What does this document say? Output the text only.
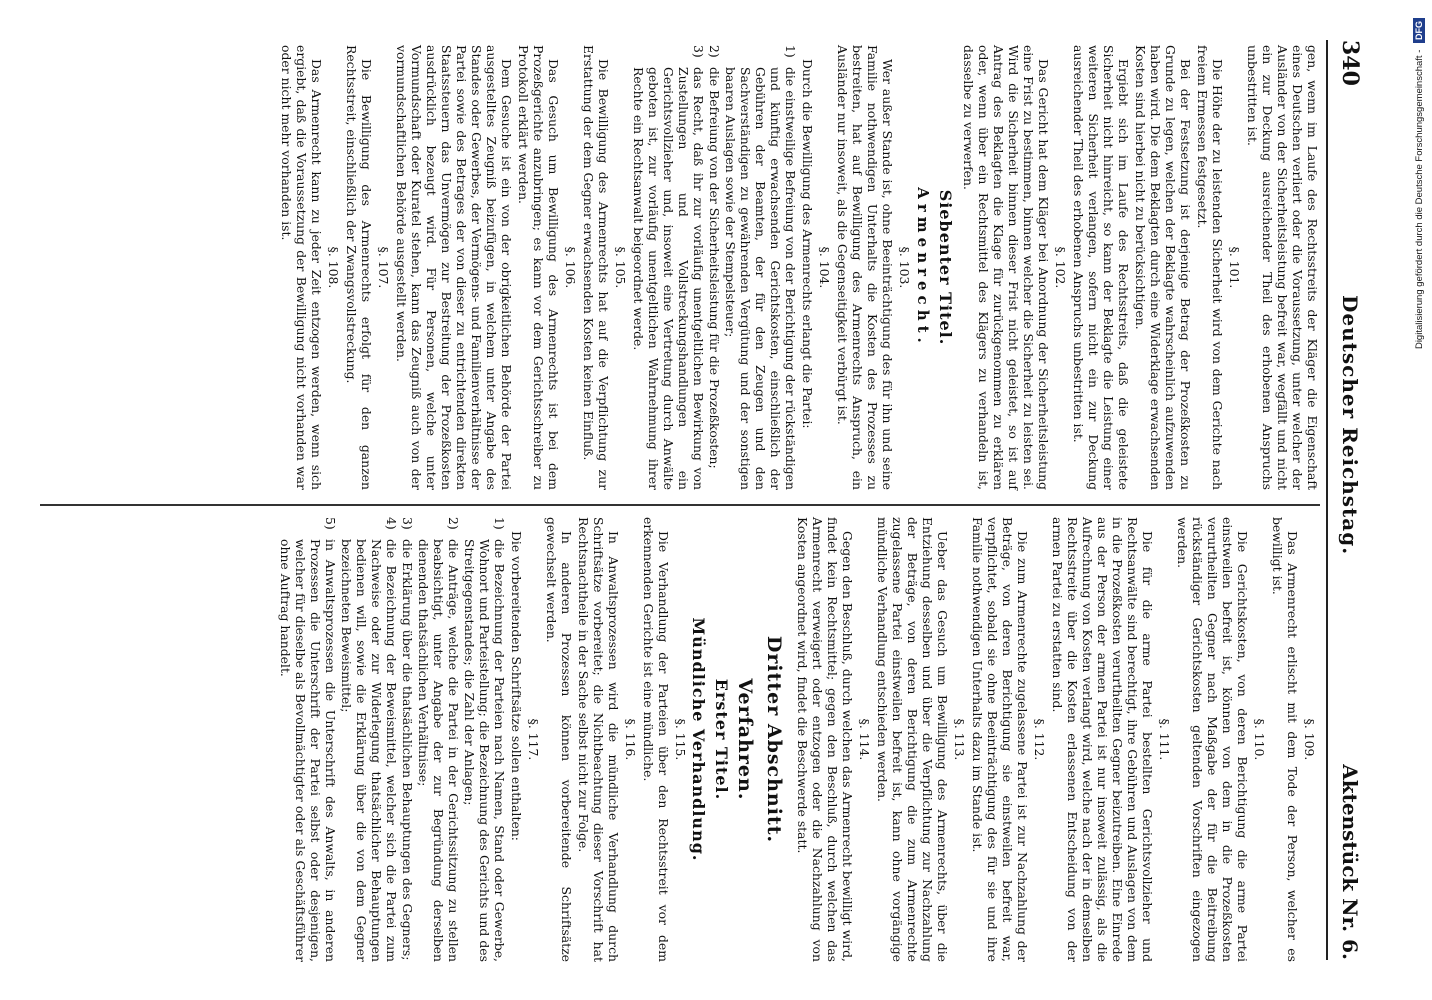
340
Deutscher Reichstag.
Aktenstück Nr. 6.

gen, wenn im Laufe des Rechtsstreits der Kläger die Eigenschaft eines Deutschen verliert oder die Voraussetzung, unter welcher der Ausländer von der Sicherheitsleistung befreit war, wegfällt und nicht ein zur Deckung ausreichender Theil des erhobenen Anspruchs unbestritten ist.

§. 101.

Die Höhe der zu leistenden Sicherheit wird von dem Gerichte nach freiem Ermessen festgesetzt.

Bei der Festsetzung ist derjenige Betrag der Prozeßkosten zu Grunde zu legen, welchen der Beklagte wahrscheinlich aufzuwenden haben wird. Die dem Beklagten durch eine Widerklage erwachsenden Kosten sind hierbei nicht zu berücksichtigen.

Ergiebt sich im Laufe des Rechtsstreits, daß die geleistete Sicherheit nicht hinreicht, so kann der Beklagte die Leistung einer weiteren Sicherheit verlangen, sofern nicht ein zur Deckung ausreichender Theil des erhobenen Anspruchs unbestritten ist.

§. 102.

Das Gericht hat dem Kläger bei Anordnung der Sicherheitsleistung eine Frist zu bestimmen, binnen welcher die Sicherheit zu leisten sei. Wird die Sicherheit binnen dieser Frist nicht geleistet, so ist auf Antrag des Beklagten die Klage für zurückgenommen zu erklären oder, wenn über ein Rechtsmittel des Klägers zu verhandeln ist, dasselbe zu verwerfen.

Siebenter Titel.
Armenrecht.
§. 103.

Wer außer Stande ist, ohne Beeinträchtigung des für ihn und seine Familie nothwendigen Unterhalts die Kosten des Prozesses zu bestreiten, hat auf Bewilligung des Armenrechts Anspruch, ein Ausländer nur insoweit, als die Gegenseitigkeit verbürgt ist.

§. 104.

Durch die Bewilligung des Armenrechts erlangt die Partei:

1)
die einstweilige Befreiung von der Berichtigung der rückständigen und künftig erwachsenden Gerichtskosten, einschließlich der Gebühren der Beamten, der für den Zeugen und den Sachverständigen zu gewährenden Vergütung und der sonstigen baaren Auslagen sowie der Stempelsteuer;
2)
die Befreiung von der Sicherheitsleistung für die Prozeßkosten;
3)
das Recht, daß ihr zur vorläufig unentgeltlichen Bewirkung von Zustellungen und Vollstreckungshandlungen ein Gerichtsvollzieher und, insoweit eine Vertretung durch Anwälte geboten ist, zur vorläufig unentgeltlichen Wahrnehmung ihrer Rechte ein Rechtsanwalt beigeordnet werde.
§. 105.

Die Bewilligung des Armenrechts hat auf die Verpflichtung zur Erstattung der dem Gegner erwachsenden Kosten keinen Einfluß.

§. 106.

Das Gesuch um Bewilligung des Armenrechts ist bei dem Prozeßgerichte anzubringen; es kann vor dem Gerichtsschreiber zu Protokoll erklärt werden.

Dem Gesuche ist ein von der obrigkeitlichen Behörde der Partei ausgestelltes Zeugniß beizufügen, in welchem unter Angabe des Standes oder Gewerbes, der Vermögens- und Familienverhältnisse der Partei sowie des Betrages der von dieser zu entrichtenden direkten Staatssteuern das Unvermögen zur Bestreitung der Prozeßkosten ausdrücklich bezeugt wird. Für Personen, welche unter Vormundschaft oder Kuratel stehen, kann das Zeugniß auch von der vormundschaftlichen Behörde ausgestellt werden.

§. 107.

Die Bewilligung des Armenrechts erfolgt für den ganzen Rechtsstreit, einschließlich der Zwangsvollstreckung.

§. 108.

Das Armenrecht kann zu jeder Zeit entzogen werden, wenn sich ergiebt, daß die Voraussetzung der Bewilligung nicht vorhanden war oder nicht mehr vorhanden ist.

§. 109.

Das Armenrecht erlischt mit dem Tode der Person, welcher es bewilligt ist.

§. 110.

Die Gerichtskosten, von deren Berichtigung die arme Partei einstweilen befreit ist, können von dem in die Prozeßkosten verurtheilten Gegner nach Maßgabe der für die Beitreibung rückständiger Gerichtskosten geltenden Vorschriften eingezogen werden.

§. 111.

Die für die arme Partei bestellten Gerichtsvollzieher und Rechtsanwälte sind berechtigt, ihre Gebühren und Auslagen von dem in die Prozeßkosten verurtheilten Gegner beizutreiben. Eine Einrede aus der Person der armen Partei ist nur insoweit zulässig, als die Aufrechnung von Kosten verlangt wird, welche nach der in demselben Rechtsstreite über die Kosten erlassenen Entscheidung von der armen Partei zu erstatten sind.

§. 112.

Die zum Armenrechte zugelassene Partei ist zur Nachzahlung der Beträge, von deren Berichtigung sie einstweilen befreit war, verpflichtet, sobald sie ohne Beeinträchtigung des für sie und ihre Familie nothwendigen Unterhalts dazu im Stande ist.

§. 113.

Ueber das Gesuch um Bewilligung des Armenrechts, über die Entziehung desselben und über die Verpflichtung zur Nachzahlung der Beträge, von deren Berichtigung die zum Armenrechte zugelassene Partei einstweilen befreit ist, kann ohne vorgängige mündliche Verhandlung entschieden werden.

§. 114.

Gegen den Beschluß, durch welchen das Armenrecht bewilligt wird, findet kein Rechtsmittel; gegen den Beschluß, durch welchen das Armenrecht verweigert oder entzogen oder die Nachzahlung von Kosten angeordnet wird, findet die Beschwerde statt.

Dritter Abschnitt.
Verfahren.
Erster Titel.
Mündliche Verhandlung.
§. 115.

Die Verhandlung der Parteien über den Rechtsstreit vor dem erkennenden Gerichte ist eine mündliche.

§. 116.

In Anwaltsprozessen wird die mündliche Verhandlung durch Schriftsätze vorbereitet; die Nichtbeachtung dieser Vorschrift hat Rechtsnachtheile in der Sache selbst nicht zur Folge.

In anderen Prozessen können vorbereitende Schriftsätze gewechselt werden.

§. 117.

Die vorbereitenden Schriftsätze sollen enthalten:

1)
die Bezeichnung der Parteien nach Namen, Stand oder Gewerbe, Wohnort und Parteistellung; die Bezeichnung des Gerichts und des Streitgegenstandes; die Zahl der Anlagen;
2)
die Anträge, welche die Partei in der Gerichtssitzung zu stellen beabsichtigt, unter Angabe der zur Begründung derselben dienenden thatsächlichen Verhältnisse;
3)
die Erklärung über die thatsächlichen Behauptungen des Gegners;
4)
die Bezeichnung der Beweismittel, welcher sich die Partei zum Nachweise oder zur Widerlegung thatsächlicher Behauptungen bedienen will, sowie die Erklärung über die von dem Gegner bezeichneten Beweismittel;
5)
in Anwaltsprozessen die Unterschrift des Anwalts, in anderen Prozessen die Unterschrift der Partei selbst oder desjenigen, welcher für dieselbe als Bevollmächtigter oder als Geschäftsführer ohne Auftrag handelt.
Digitalisierung gefördert durch die Deutsche Forschungsgemeinschaft - DFG
